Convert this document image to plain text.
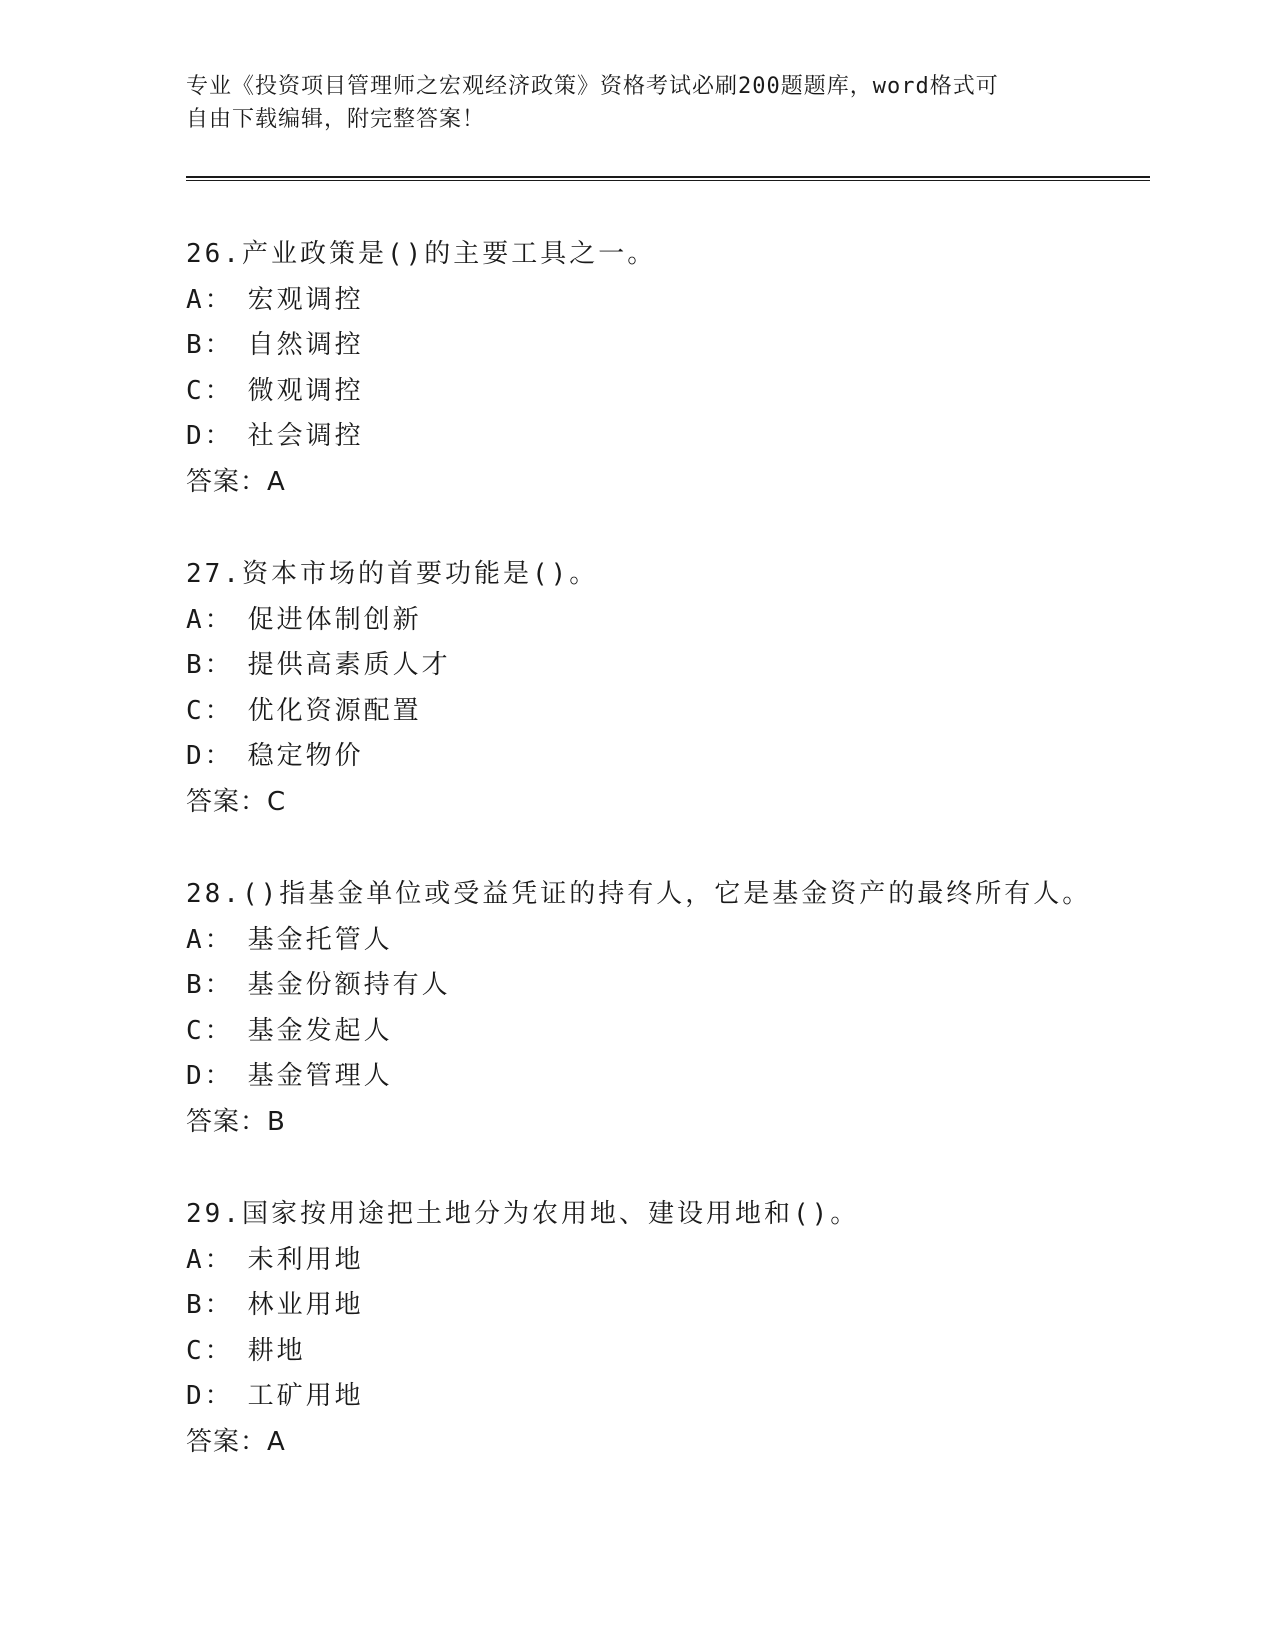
专业《投资项目管理师之宏观经济政策》资格考试必刷200题题库，word格式可
自由下载编辑，附完整答案！
26.产业政策是()的主要工具之一。
A： 宏观调控
B： 自然调控
C： 微观调控
D： 社会调控
答案：A
27.资本市场的首要功能是()。
A： 促进体制创新
B： 提供高素质人才
C： 优化资源配置
D： 稳定物价
答案：C
28.()指基金单位或受益凭证的持有人，它是基金资产的最终所有人。
A： 基金托管人
B： 基金份额持有人
C： 基金发起人
D： 基金管理人
答案：B
29.国家按用途把土地分为农用地、建设用地和()。
A： 未利用地
B： 林业用地
C： 耕地
D： 工矿用地
答案：A
